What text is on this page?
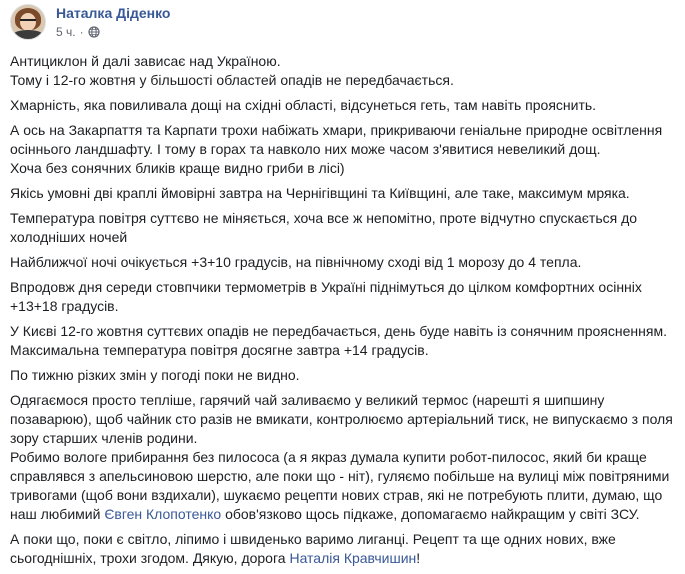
Наталка Діденко
5 ч. ·

Антициклон й далі зависає над Україною.
Тому і 12-го жовтня у більшості областей опадів не передбачається.

Хмарність, яка повиливала дощі на східні області, відсунеться геть, там навіть прояснить.

А ось на Закарпаття та Карпати трохи набіжать хмари, прикриваючи геніальне природне освітлення осіннього ландшафту. І тому в горах та навколо них може часом з'явитися невеликий дощ.
Хоча без сонячних бликів краще видно гриби в лісі)

Якісь умовні дві краплі ймовірні завтра на Чернігівщині та Київщині, але таке, максимум мряка.

Температура повітря суттєво не міняється, хоча все ж непомітно, проте відчутно спускається до холодніших ночей

Найближчої ночі очікується +3+10 градусів, на північному сході від 1 морозу до 4 тепла.

Впродовж дня середи стовпчики термометрів в Україні піднімуться до цілком комфортних осінніх +13+18 градусів.

У Києві 12-го жовтня суттєвих опадів не передбачається, день буде навіть із сонячним проясненням. Максимальна температура повітря досягне завтра +14 градусів.

По тижню різких змін у погоді поки не видно.

Одягаємося просто тепліше, гарячий чай заливаємо у великий термос (нарешті я шипшину позаварюю), щоб чайник сто разів не вмикати, контролюємо артеріальний тиск, не випускаємо з поля зору старших членів родини.
Робимо вологе прибирання без пилососа (а я якраз думала купити робот-пилосос, який би краще справлявся з апельсиновою шерстю, але поки що - ніт), гуляємо побільше на вулиці між повітряними тривогами (щоб вони вздихали), шукаємо рецепти нових страв, які не потребують плити, думаю, що наш любимий Євген Клопотенко обов'язково щось підкаже, допомагаємо найкращим у світі ЗСУ.

А поки що, поки є світло, ліпимо і швиденько варимо лиганці. Рецепт та ще одних нових, вже сьогоднішніх, трохи згодом. Дякую, дорога Наталія Кравчишин!
